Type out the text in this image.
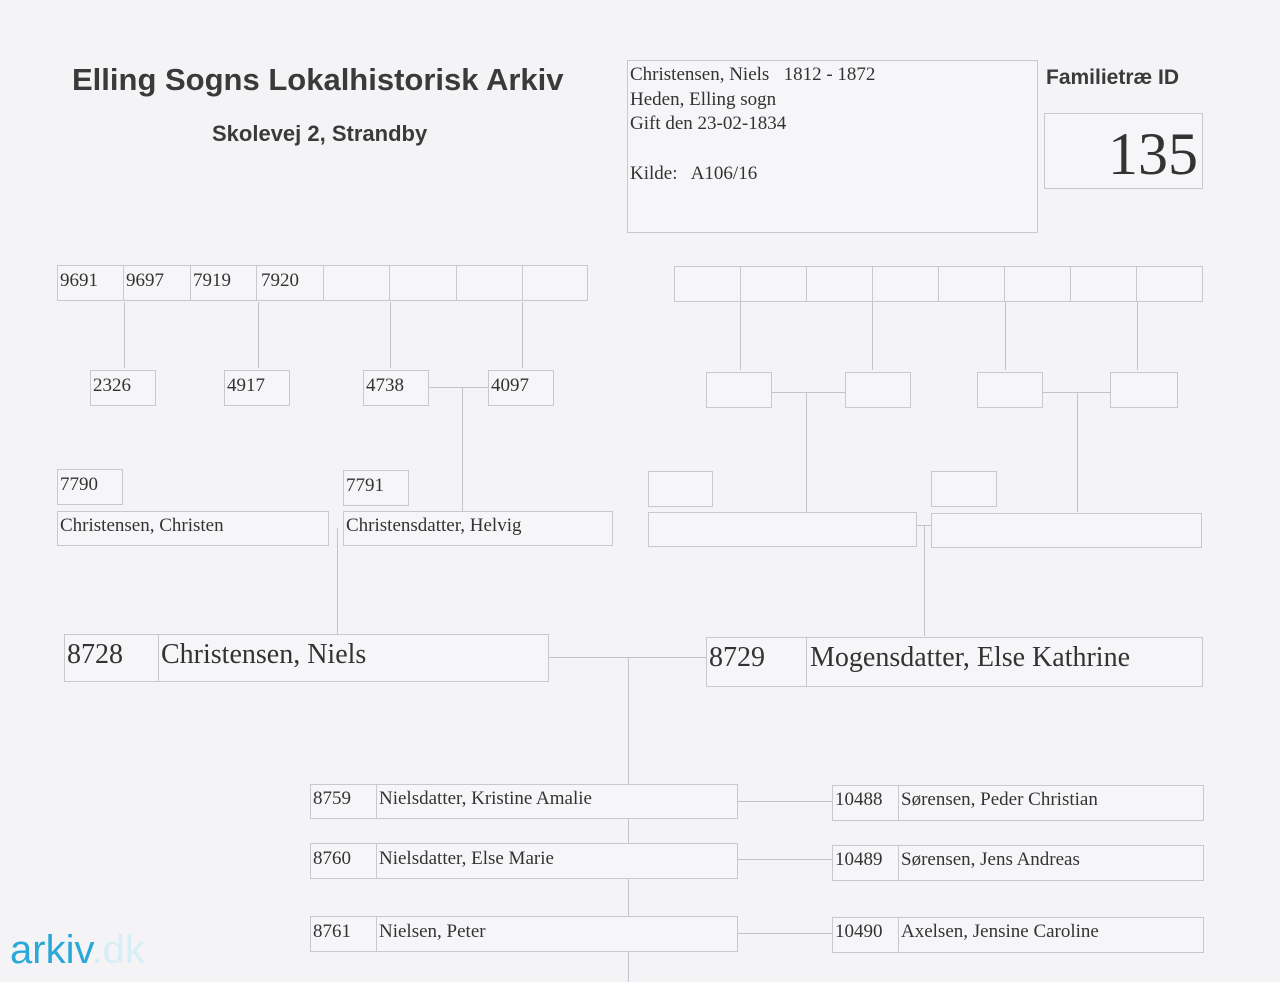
Elling Sogns Lokalhistorisk Arkiv
Skolevej 2, Strandby
Christensen, Niels   1812 - 1872
Heden, Elling sogn
Gift den 23-02-1834
Kilde:   A106/16
Familietræ ID
135
9691 9697 7919 7920
2326	4917	4738	4097
7790
Christensen, Christen
7791
Christensdatter, Helvig
8728 Christensen, Niels	8729 Mogensdatter, Else Kathrine
8759 Nielsdatter, Kristine Amalie
8760 Nielsdatter, Else Marie
8761 Nielsen, Peter
10488 Sørensen, Peder Christian
10489 Sørensen, Jens Andreas
10490 Axelsen, Jensine Caroline
arkiv.dk
